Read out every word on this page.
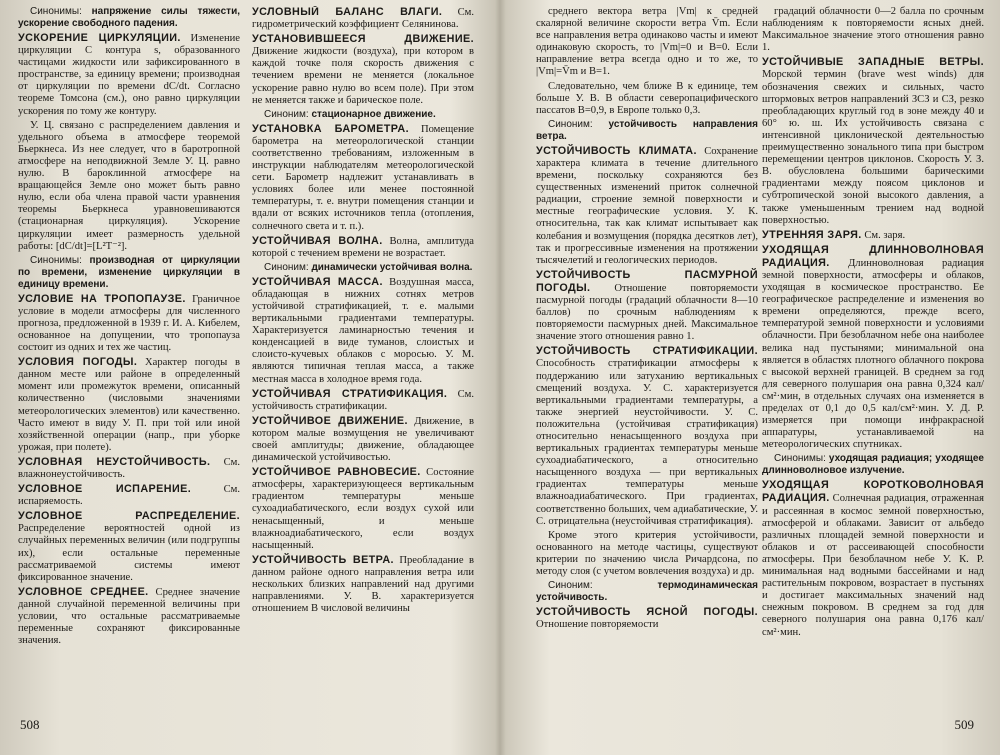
Синонимы: напряжение силы тяжести, ускорение свободного падения.
УСКОРЕНИЕ ЦИРКУЛЯЦИИ. Изменение циркуляции С контура s, образованного частицами жидкости или зафиксированного в пространстве, за единицу времени; производная от циркуляции по времени dC/dt. Согласно теореме Томсона (см.), оно равно циркуляции ускорения по тому же контуру.
У. Ц. связано с распределением давления и удельного объема в атмосфере теоремой Бьеркнеса. Из нее следует, что в баротропной атмосфере на неподвижной Земле У. Ц. равно нулю. В бароклинной атмосфере на вращающейся Земле оно может быть равно нулю, если оба члена правой части уравнения теоремы Бьеркнеса уравновешиваются (стационарная циркуляция). Ускорение циркуляции имеет размерность удельной работы: [dC/dt]=[L²T⁻²].
Синонимы: производная от циркуляции по времени, изменение циркуляции в единицу времени.
УСЛОВИЕ НА ТРОПОПАУЗЕ. Граничное условие в модели атмосферы для численного прогноза, предложенной в 1939 г. И. А. Кибелем, основанное на допущении, что тропопауза состоит из одних и тех же частиц.
УСЛОВИЯ ПОГОДЫ. Характер погоды в данном месте или районе в определенный момент или промежуток времени, описанный количественно (числовыми значениями метеорологических элементов) или качественно. Часто имеют в виду У. П. при той или иной хозяйственной операции (напр., при уборке урожая, при полете).
УСЛОВНАЯ НЕУСТОЙЧИВОСТЬ. См. влажнонеустойчивость.
УСЛОВНОЕ ИСПАРЕНИЕ.	См. испаряемость.
УСЛОВНОЕ РАСПРЕДЕЛЕНИЕ. Распределение вероятностей одной из случайных переменных величин (или подгруппы их), если остальные переменные рассматриваемой системы имеют фиксированное значение.
УСЛОВНОЕ СРЕДНЕЕ. Среднее значение данной случайной переменной величины при условии, что остальные рассматриваемые переменные сохраняют фиксированные значения.
УСЛОВНЫЙ БАЛАНС ВЛАГИ. См. гидрометрический коэффициент Селянинова.
УСТАНОВИВШЕЕСЯ ДВИЖЕНИЕ. Движение жидкости (воздуха), при котором в каждой точке поля скорость движения с течением времени не меняется (локальное ускорение равно нулю во всем поле). При этом не меняется также и барическое поле.
Синоним: стационарное движение.
УСТАНОВКА БАРОМЕТРА. Помещение барометра на метеорологической станции соответственно требованиям, изложенным в инструкции наблюдателям метеорологической сети. Барометр надлежит устанавливать в условиях более или менее постоянной температуры, т. е. внутри помещения станции и вдали от всяких источников тепла (отопления, солнечного света и т. п.).
УСТОЙЧИВАЯ ВОЛНА. Волна, амплитуда которой с течением времени не возрастает.
Синоним: динамически устойчивая волна.
УСТОЙЧИВАЯ МАССА. Воздушная масса, обладающая в нижних сотнях метров устойчивой стратификацией, т. е. малыми вертикальными градиентами температуры. Характеризуется ламинарностью течения и конденсацией в виде туманов, слоистых и слоисто-кучевых облаков с моросью. У. М. являются типичная теплая масса, а также местная масса в холодное время года.
УСТОЙЧИВАЯ СТРАТИФИКАЦИЯ. См. устойчивость стратификации.
УСТОЙЧИВОЕ ДВИЖЕНИЕ. Движение, в котором малые возмущения не увеличивают своей амплитуды; движение, обладающее динамической устойчивостью.
УСТОЙЧИВОЕ РАВНОВЕСИЕ. Состояние атмосферы, характеризующееся вертикальным градиентом температуры меньше сухоадиабатического, если воздух сухой или ненасыщенный, и меньше влажноадиабатического, если воздух насыщенный.
УСТОЙЧИВОСТЬ ВЕТРА. Преобладание в данном районе одного направления ветра или нескольких близких направлений над другими направлениями. У. В. характеризуется отношением В числовой величины
508
среднего вектора ветра |Vm| к средней скалярной величине скорости ветра V̄m. Если все направления ветра одинаково часты и имеют одинаковую скорость, то |Vm|=0 и B=0. Если направление ветра всегда одно и то же, то |Vm|=V̄m и B=1.
Следовательно, чем ближе В к единице, тем больше У. В. В области северопацифического пассатов B=0,9, в Европе только 0,3.
Синоним: устойчивость направления ветра.
УСТОЙЧИВОСТЬ КЛИМАТА. Сохранение характера климата в течение длительного времени, поскольку сохраняются без существенных изменений приток солнечной радиации, строение земной поверхности и местные географические условия. У. К. относительна, так как климат испытывает как колебания и возмущения (порядка десятков лет), так и прогрессивные изменения на протяжении тысячелетий и геологических периодов.
УСТОЙЧИВОСТЬ ПАСМУРНОЙ ПОГОДЫ. Отношение повторяемости пасмурной погоды (градаций облачности 8—10 баллов) по срочным наблюдениям к повторяемости пасмурных дней. Максимальное значение этого отношения равно 1.
УСТОЙЧИВОСТЬ СТРАТИФИКАЦИИ. Способность стратификации атмосферы к поддержанию или затуханию вертикальных смещений воздуха. У. С. характеризуется вертикальными градиентами температуры, а также энергией неустойчивости. У. С. положительна (устойчивая стратификация) относительно ненасыщенного воздуха при вертикальных градиентах температуры меньше сухоадиабатического, а относительно насыщенного воздуха — при вертикальных градиентах температуры меньше влажноадиабатического. При градиентах, соответственно больших, чем адиабатические, У. С. отрицательна (неустойчивая стратификация).
Кроме этого критерия устойчивости, основанного на методе частицы, существуют критерии по значению числа Ричардсона, по методу слоя (с учетом вовлечения воздуха) и др.
Синоним:	термодинамическая устойчивость.
УСТОЙЧИВОСТЬ ЯСНОЙ ПОГОДЫ. Отношение повторяемости
градаций облачности 0—2 балла по срочным наблюдениям к повторяемости ясных дней. Максимальное значение этого отношения равно 1.
УСТОЙЧИВЫЕ ЗАПАДНЫЕ ВЕТРЫ. Морской термин (brave west winds) для обозначения свежих и сильных, часто штормовых ветров направлений ЗСЗ и СЗ, резко преобладающих круглый год в зоне между 40 и 60° ю. ш. Их устойчивость связана с интенсивной циклонической деятельностью преимущественно зонального типа при быстром перемещении центров циклонов. Скорость У. З. В. обусловлена большими барическими градиентами между поясом циклонов и субтропической зоной высокого давления, а также уменьшенным трением над водной поверхностью.
УТРЕННЯЯ ЗАРЯ. См. заря.
УХОДЯЩАЯ ДЛИННОВОЛНОВАЯ РАДИАЦИЯ. Длинноволновая радиация земной поверхности, атмосферы и облаков, уходящая в космическое пространство. Ее географическое распределение и изменения во времени определяются, прежде всего, температурой земной поверхности и условиями облачности. При безоблачном небе она наиболее велика над пустынями; минимальной она является в областях плотного облачного покрова с высокой верхней границей. В среднем за год для северного полушария она равна 0,324 кал/см²·мин, в отдельных случаях она изменяется в пределах от 0,1 до 0,5 кал/см²·мин. У. Д. Р. измеряется при помощи инфракрасной аппаратуры, устанавливаемой на метеорологических спутниках.
Синонимы: уходящая радиация; уходящее длинноволновое излучение.
УХОДЯЩАЯ КОРОТКОВОЛНОВАЯ РАДИАЦИЯ. Солнечная радиация, отраженная и рассеянная в космос земной поверхностью, атмосферой и облаками. Зависит от альбедо различных площадей земной поверхности и облаков и от рассеивающей способности атмосферы. При безоблачном небе У. К. Р. минимальная над водными бассейнами и над растительным покровом, возрастает в пустынях и достигает максимальных значений над снежным покровом. В среднем за год для северного полушария она равна 0,176 кал/см²·мин.
509
